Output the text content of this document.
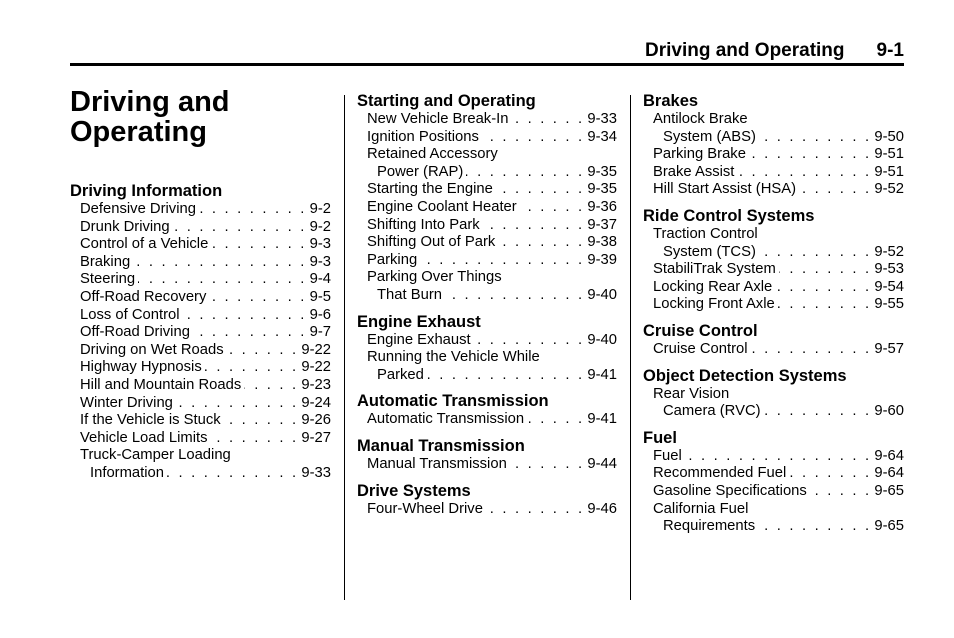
Driving and Operating 9-1
Driving and
Operating
Driving Information
Defensive Driving . . .	9-2
Drunk Driving . . .	9-2
Control of a Vehicle . . .	9-3
Braking . . .	9-3
Steering . . .	9-4
Off-Road Recovery . . .	9-5
Loss of Control . . .	9-6
Off-Road Driving . . .	9-7
Driving on Wet Roads . . .	9-22
Highway Hypnosis . . .	9-22
Hill and Mountain Roads . . .	9-23
Winter Driving . . .	9-24
If the Vehicle is Stuck . . .	9-26
Vehicle Load Limits . . .	9-27
Truck-Camper Loading
Information . . .	9-33
Starting and Operating
New Vehicle Break-In . . .	9-33
Ignition Positions . . .	9-34
Retained Accessory
Power (RAP) . . .	9-35
Starting the Engine . . .	9-35
Engine Coolant Heater . . .	9-36
Shifting Into Park . . .	9-37
Shifting Out of Park . . .	9-38
Parking . . .	9-39
Parking Over Things
That Burn . . .	9-40
Engine Exhaust
Engine Exhaust . . .	9-40
Running the Vehicle While
Parked . . .	9-41
Automatic Transmission
Automatic Transmission . . .	9-41
Manual Transmission
Manual Transmission . . .	9-44
Drive Systems
Four-Wheel Drive . . .	9-46
Brakes
Antilock Brake
System (ABS) . . .	9-50
Parking Brake . . .	9-51
Brake Assist . . .	9-51
Hill Start Assist (HSA) . . .	9-52
Ride Control Systems
Traction Control
System (TCS) . . .	9-52
StabiliTrak System . . .	9-53
Locking Rear Axle . . .	9-54
Locking Front Axle . . .	9-55
Cruise Control
Cruise Control . . .	9-57
Object Detection Systems
Rear Vision
Camera (RVC) . . .	9-60
Fuel
Fuel . . .	9-64
Recommended Fuel . . .	9-64
Gasoline Specifications . . .	9-65
California Fuel
Requirements . . .	9-65
